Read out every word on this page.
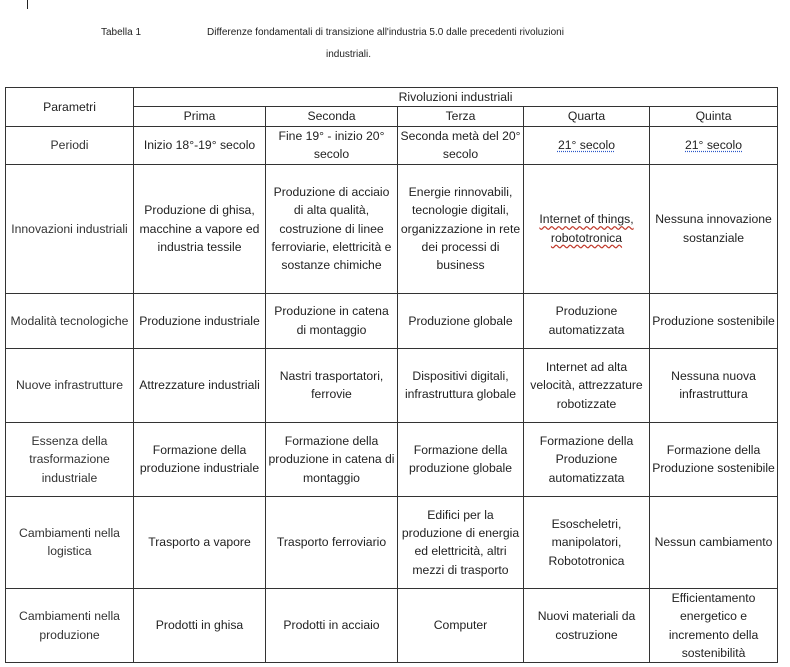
Tabella 1	Differenze fondamentali di transizione all'industria 5.0 dalle precedenti rivoluzioni
industriali.
Parametri	Rivoluzioni industriali				
	Prima	Seconda	Terza	Quarta	Quinta
Periodi	Inizio 18°-19° secolo	Fine 19° - inizio 20° secolo	Seconda metà del 20° secolo	21° secolo	21° secolo
Innovazioni industriali	Produzione di ghisa, macchine a vapore ed industria tessile	Produzione di acciaio di alta qualità, costruzione di linee ferroviarie, elettricità e sostanze chimiche	Energie rinnovabili, tecnologie digitali, organizzazione in rete dei processi di business	Internet of things, robototronica	Nessuna innovazione sostanziale
Modalità tecnologiche	Produzione industriale	Produzione in catena di montaggio	Produzione globale	Produzione automatizzata	Produzione sostenibile
Nuove infrastrutture	Attrezzature industriali	Nastri trasportatori, ferrovie	Dispositivi digitali, infrastruttura globale	Internet ad alta velocità, attrezzature robotizzate	Nessuna nuova infrastruttura
Essenza della trasformazione industriale	Formazione della produzione industriale	Formazione della produzione in catena di montaggio	Formazione della produzione globale	Formazione della Produzione automatizzata	Formazione della Produzione sostenibile
Cambiamenti nella logistica	Trasporto a vapore	Trasporto ferroviario	Edifici per la produzione di energia ed elettricità, altri mezzi di trasporto	Esoscheletri, manipolatori, Robototronica	Nessun cambiamento
Cambiamenti nella produzione	Prodotti in ghisa	Prodotti in acciaio	Computer	Nuovi materiali da costruzione	Efficientamento energetico e incremento della sostenibilità
